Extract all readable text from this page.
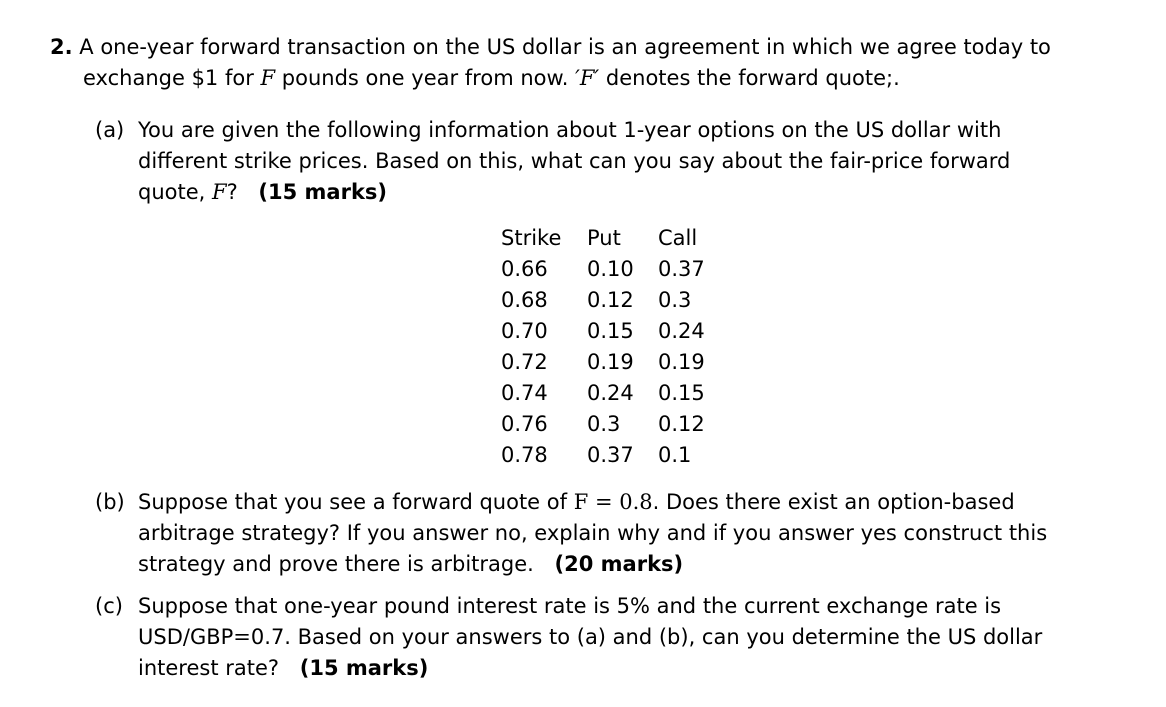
2. A one-year forward transaction on the US dollar is an agreement in which we agree today to
exchange $1 for F pounds one year from now. ′F′ denotes the forward quote;.
(a) You are given the following information about 1-year options on the US dollar with
different strike prices. Based on this, what can you say about the fair-price forward
quote, F? (15 marks)
Strike Put Call
0.66 0.10 0.37
0.68 0.12 0.3
0.70 0.15 0.24
0.72 0.19 0.19
0.74 0.24 0.15
0.76 0.3 0.12
0.78 0.37 0.1
(b) Suppose that you see a forward quote of F = 0.8. Does there exist an option-based
arbitrage strategy? If you answer no, explain why and if you answer yes construct this
strategy and prove there is arbitrage. (20 marks)
(c) Suppose that one-year pound interest rate is 5% and the current exchange rate is
USD/GBP=0.7. Based on your answers to (a) and (b), can you determine the US dollar
interest rate? (15 marks)
